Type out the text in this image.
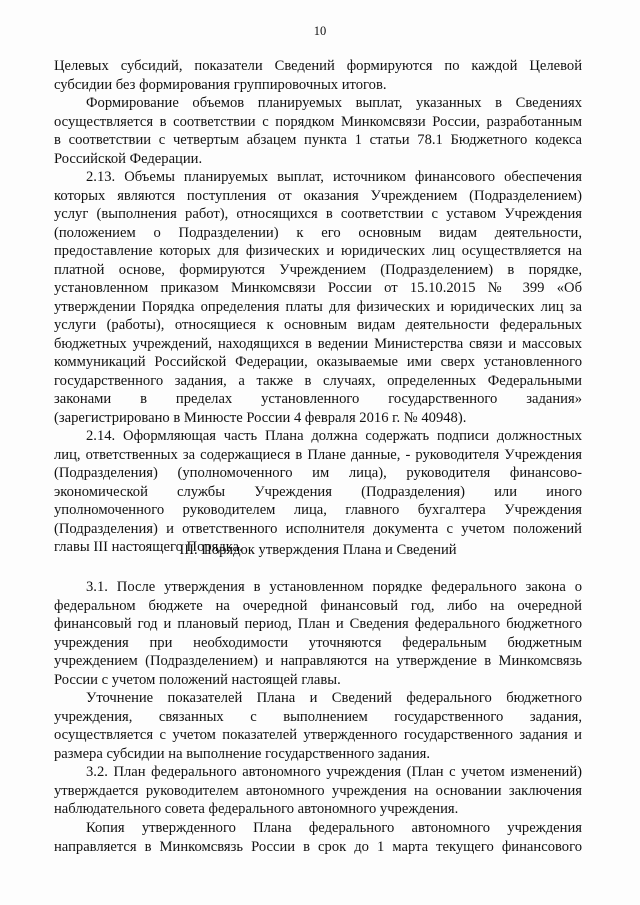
10
Целевых субсидий, показатели Сведений формируются по каждой Целевой
субсидии без формирования группировочных итогов.
Формирование объемов планируемых выплат, указанных в Сведениях
осуществляется в соответствии с порядком Минкомсвязи России, разработанным
в соответствии с четвертым абзацем пункта 1 статьи 78.1 Бюджетного кодекса
Российской Федерации.
2.13. Объемы планируемых выплат, источником финансового обеспечения
которых являются поступления от оказания Учреждением (Подразделением)
услуг (выполнения работ), относящихся в соответствии с уставом Учреждения
(положением о Подразделении) к его основным видам деятельности,
предоставление которых для физических и юридических лиц осуществляется на
платной основе, формируются Учреждением (Подразделением) в порядке,
установленном приказом Минкомсвязи России от 15.10.2015 № 399 «Об
утверждении Порядка определения платы для физических и юридических лиц за
услуги (работы), относящиеся к основным видам деятельности федеральных
бюджетных учреждений, находящихся в ведении Министерства связи и массовых
коммуникаций Российской Федерации, оказываемые ими сверх установленного
государственного задания, а также в случаях, определенных Федеральными
законами в пределах установленного государственного задания»
(зарегистрировано в Минюсте России 4 февраля 2016 г. № 40948).
2.14. Оформляющая часть Плана должна содержать подписи должностных
лиц, ответственных за содержащиеся в Плане данные, - руководителя Учреждения
(Подразделения) (уполномоченного им лица), руководителя финансово-
экономической службы Учреждения (Подразделения) или иного
уполномоченного руководителем лица, главного бухгалтера Учреждения
(Подразделения) и ответственного исполнителя документа с учетом положений
главы III настоящего Порядка.
III. Порядок утверждения Плана и Сведений
3.1. После утверждения в установленном порядке федерального закона о
федеральном бюджете на очередной финансовый год, либо на очередной
финансовый год и плановый период, План и Сведения федерального бюджетного
учреждения при необходимости уточняются федеральным бюджетным
учреждением (Подразделением) и направляются на утверждение в Минкомсвязь
России с учетом положений настоящей главы.
Уточнение показателей Плана и Сведений федерального бюджетного
учреждения, связанных с выполнением государственного задания,
осуществляется с учетом показателей утвержденного государственного задания и
размера субсидии на выполнение государственного задания.
3.2. План федерального автономного учреждения (План с учетом изменений)
утверждается руководителем автономного учреждения на основании заключения
наблюдательного совета федерального автономного учреждения.
Копия утвержденного Плана федерального автономного учреждения
направляется в Минкомсвязь России в срок до 1 марта текущего финансового
